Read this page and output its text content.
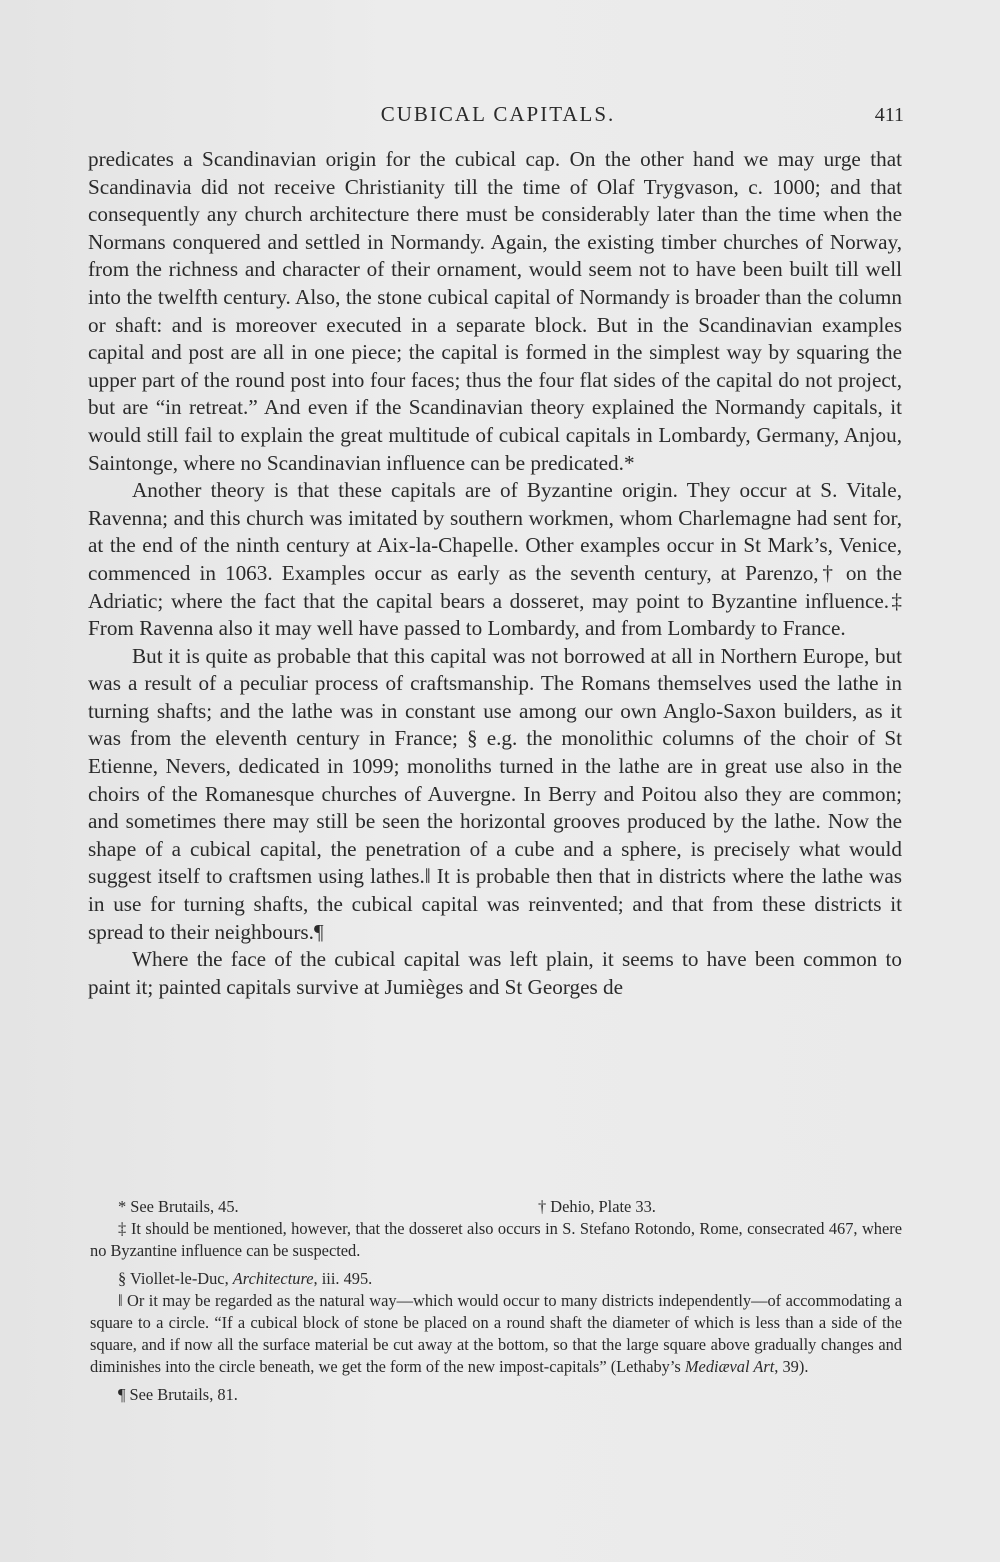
CUBICAL CAPITALS.	411

predicates a Scandinavian origin for the cubical cap. On the other hand we may urge that Scandinavia did not receive Christianity till the time of Olaf Trygvason, c. 1000; and that consequently any church architecture there must be considerably later than the time when the Normans conquered and settled in Normandy. Again, the existing timber churches of Norway, from the richness and character of their ornament, would seem not to have been built till well into the twelfth century. Also, the stone cubical capital of Normandy is broader than the column or shaft: and is moreover executed in a separate block. But in the Scandinavian examples capital and post are all in one piece; the capital is formed in the simplest way by squaring the upper part of the round post into four faces; thus the four flat sides of the capital do not project, but are “in retreat.” And even if the Scandinavian theory explained the Normandy capitals, it would still fail to explain the great multitude of cubical capitals in Lombardy, Germany, Anjou, Saintonge, where no Scandinavian influence can be predicated.*

Another theory is that these capitals are of Byzantine origin. They occur at S. Vitale, Ravenna; and this church was imitated by southern workmen, whom Charlemagne had sent for, at the end of the ninth century at Aix-la-Chapelle. Other examples occur in St Mark’s, Venice, commenced in 1063. Examples occur as early as the seventh century, at Parenzo,† on the Adriatic; where the fact that the capital bears a dosseret, may point to Byzantine influence.‡ From Ravenna also it may well have passed to Lombardy, and from Lombardy to France.

But it is quite as probable that this capital was not borrowed at all in Northern Europe, but was a result of a peculiar process of craftsmanship. The Romans themselves used the lathe in turning shafts; and the lathe was in constant use among our own Anglo-Saxon builders, as it was from the eleventh century in France; § e.g. the monolithic columns of the choir of St Etienne, Nevers, dedicated in 1099; monoliths turned in the lathe are in great use also in the choirs of the Romanesque churches of Auvergne. In Berry and Poitou also they are common; and sometimes there may still be seen the horizontal grooves produced by the lathe. Now the shape of a cubical capital, the penetration of a cube and a sphere, is precisely what would suggest itself to craftsmen using lathes.‖ It is probable then that in districts where the lathe was in use for turning shafts, the cubical capital was reinvented; and that from these districts it spread to their neighbours.¶

Where the face of the cubical capital was left plain, it seems to have been common to paint it; painted capitals survive at Jumièges and St Georges de

* See Brutails, 45.	† Dehio, Plate 33.

‡ It should be mentioned, however, that the dosseret also occurs in S. Stefano Rotondo, Rome, consecrated 467, where no Byzantine influence can be suspected.

§ Viollet-le-Duc, Architecture, iii. 495.

‖ Or it may be regarded as the natural way—which would occur to many districts independently—of accommodating a square to a circle. “If a cubical block of stone be placed on a round shaft the diameter of which is less than a side of the square, and if now all the surface material be cut away at the bottom, so that the large square above gradually changes and diminishes into the circle beneath, we get the form of the new impost-capitals” (Lethaby’s Mediæval Art, 39).

¶ See Brutails, 81.
